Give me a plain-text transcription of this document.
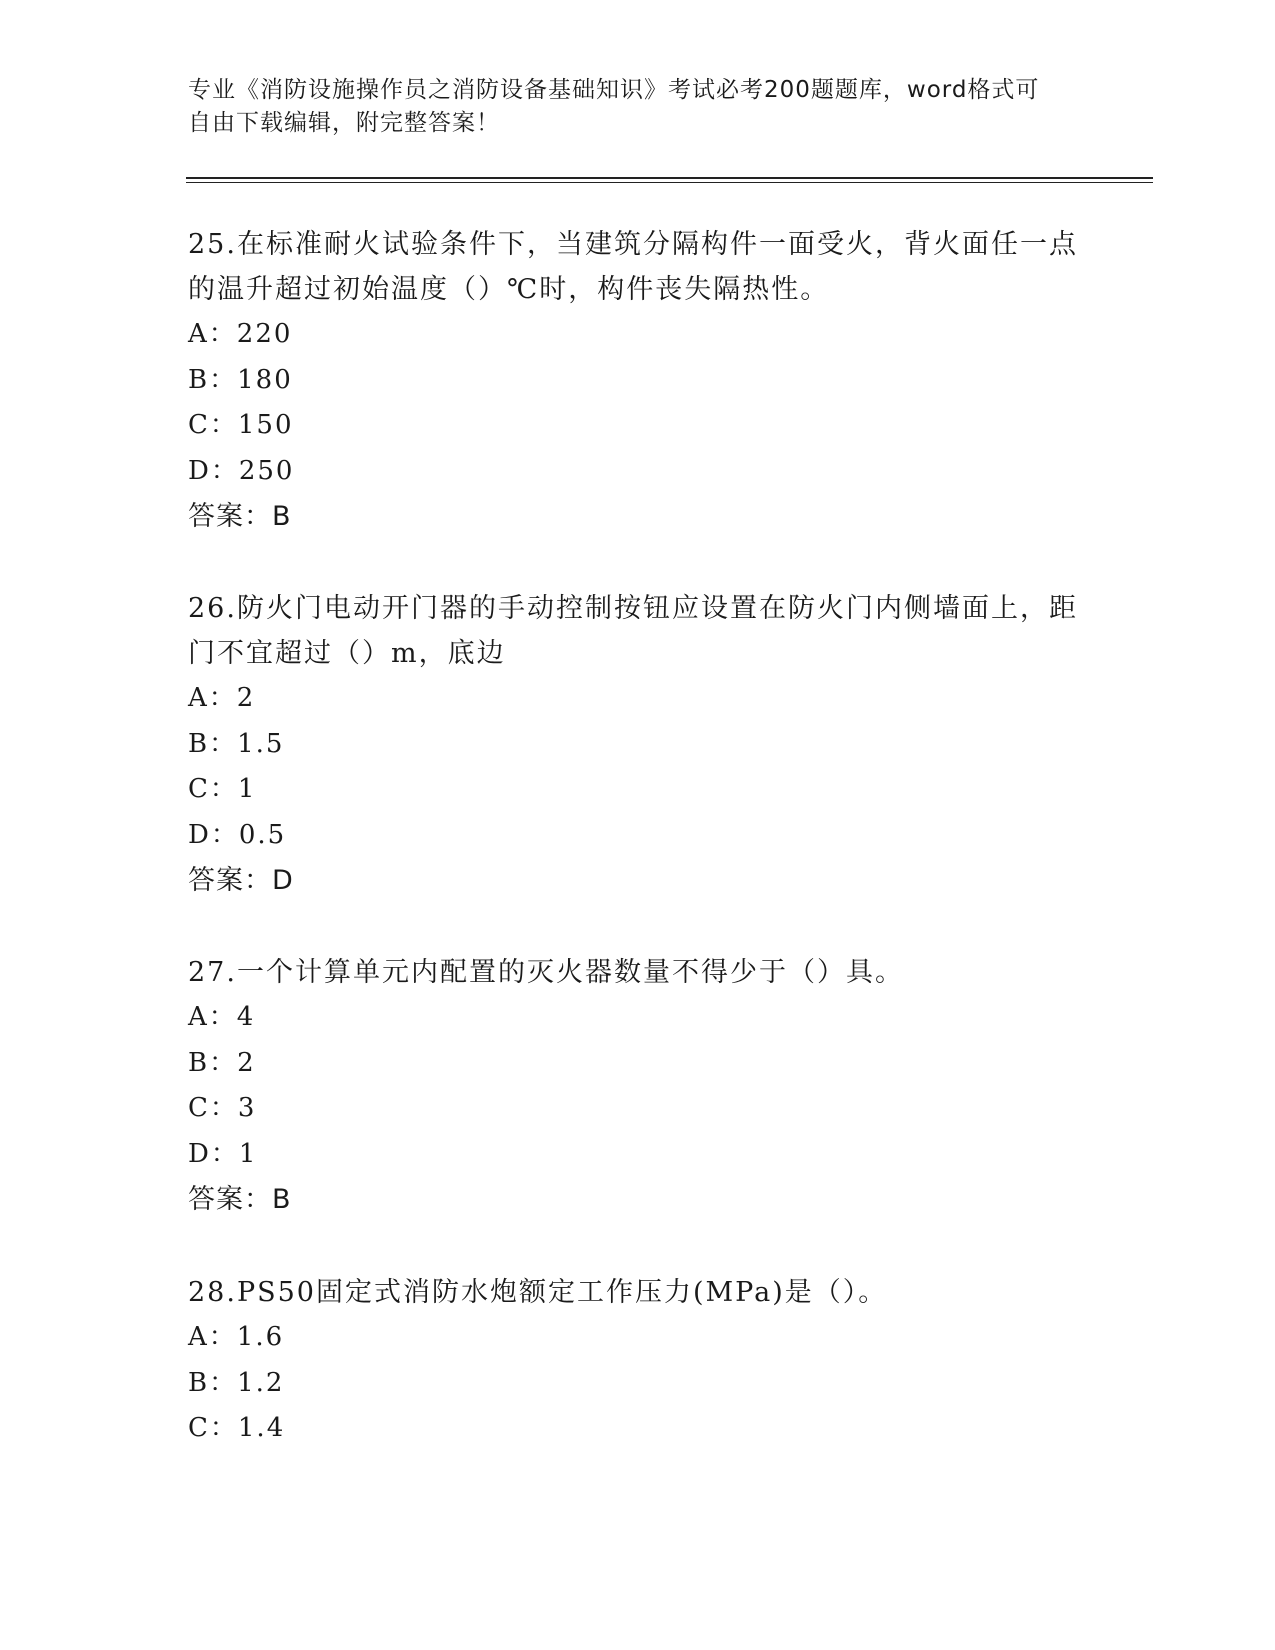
专业《消防设施操作员之消防设备基础知识》考试必考200题题库，word格式可
自由下载编辑，附完整答案！

25.在标准耐火试验条件下，当建筑分隔构件一面受火，背火面任一点

的温升超过初始温度（）℃时，构件丧失隔热性。

A：220

B：180

C：150

D：250

答案：B

26.防火门电动开门器的手动控制按钮应设置在防火门内侧墙面上，距

门不宜超过（）m，底边

A：2

B：1.5

C：1

D：0.5

答案：D

27.一个计算单元内配置的灭火器数量不得少于（）具。

A：4

B：2

C：3

D：1

答案：B

28.PS50固定式消防水炮额定工作压力(MPa)是（）。

A：1.6

B：1.2

C：1.4
